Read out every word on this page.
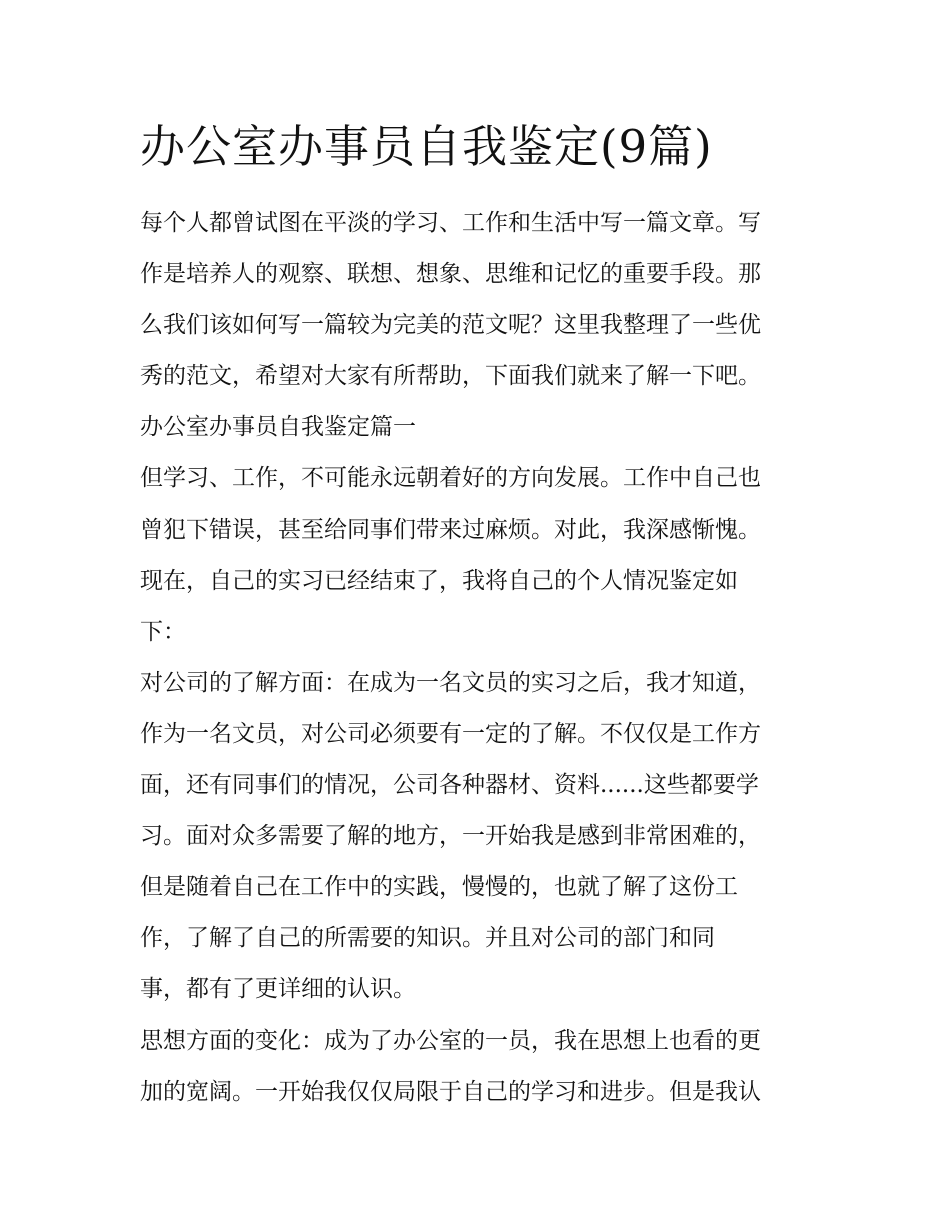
办公室办事员自我鉴定(9篇)
每个人都曾试图在平淡的学习、工作和生活中写一篇文章。写
作是培养人的观察、联想、想象、思维和记忆的重要手段。那
么我们该如何写一篇较为完美的范文呢？这里我整理了一些优
秀的范文，希望对大家有所帮助，下面我们就来了解一下吧。
办公室办事员自我鉴定篇一
但学习、工作，不可能永远朝着好的方向发展。工作中自己也
曾犯下错误，甚至给同事们带来过麻烦。对此，我深感惭愧。
现在，自己的实习已经结束了，我将自己的个人情况鉴定如
下：
对公司的了解方面：在成为一名文员的实习之后，我才知道，
作为一名文员，对公司必须要有一定的了解。不仅仅是工作方
面，还有同事们的情况，公司各种器材、资料......这些都要学
习。面对众多需要了解的地方，一开始我是感到非常困难的，
但是随着自己在工作中的实践，慢慢的，也就了解了这份工
作，了解了自己的所需要的知识。并且对公司的部门和同
事，都有了更详细的认识。
思想方面的变化：成为了办公室的一员，我在思想上也看的更
加的宽阔。一开始我仅仅局限于自己的学习和进步。但是我认
